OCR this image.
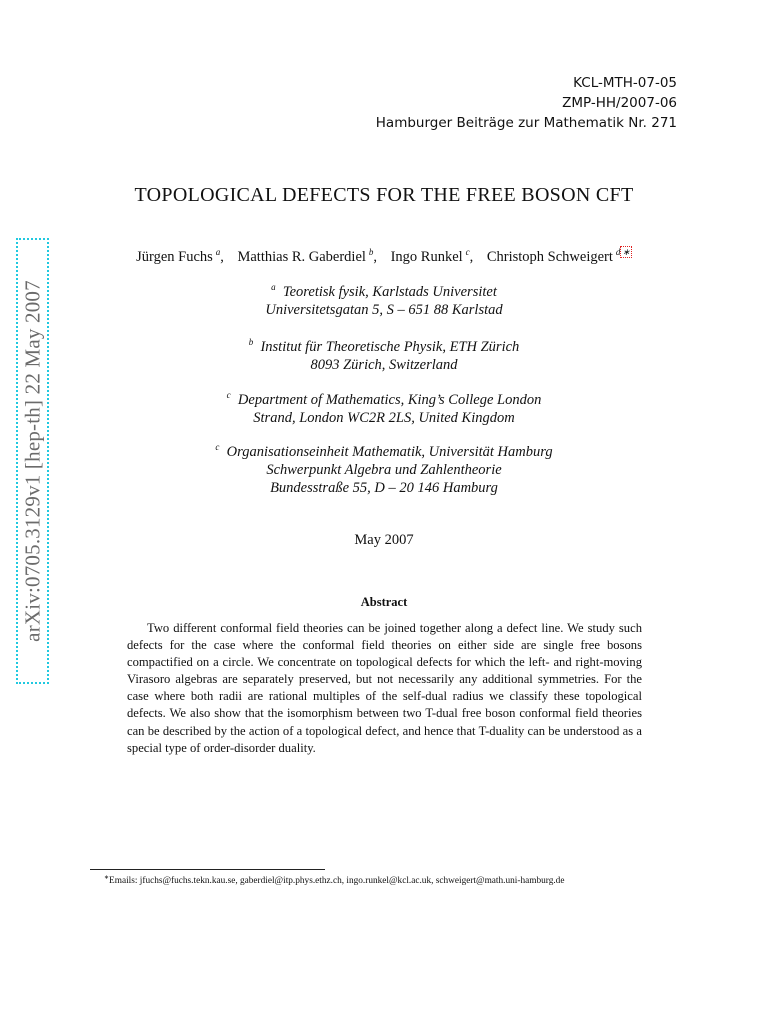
arXiv:0705.3129v1 [hep-th] 22 May 2007
KCL-MTH-07-05
ZMP-HH/2007-06
Hamburger Beiträge zur Mathematik Nr. 271
TOPOLOGICAL DEFECTS FOR THE FREE BOSON CFT
Jürgen Fuchs  $^a$, Matthias R. Gaberdiel  $^b$, Ingo Runkel  $^c$, Christoph Schweigert  $^d$ ∗
$^a$ Teoretisk fysik, Karlstads Universitet
Universitetsgatan 5, S – 651 88 Karlstad
$^b$ Institut für Theoretische Physik, ETH Zürich
8093 Zürich, Switzerland
$^c$ Department of Mathematics, King’s College London
Strand, London WC2R 2LS, United Kingdom
$^c$ Organisationseinheit Mathematik, Universität Hamburg
Schwerpunkt Algebra und Zahlentheorie
Bundesstraße 55, D – 20 146 Hamburg
May 2007
Abstract
Two different conformal field theories can be joined together along a defect line. We study such defects for the case where the conformal field theories on either side are single free bosons compactified on a circle. We concentrate on topological defects for which the left- and right-moving Virasoro algebras are separately preserved, but not necessarily any additional symmetries. For the case where both radii are rational multiples of the self-dual radius we classify these topological defects. We also show that the isomorphism between two T-dual free boson conformal field theories can be described by the action of a topological defect, and hence that T-duality can be understood as a special type of order-disorder duality.
∗Emails: jfuchs@fuchs.tekn.kau.se, gaberdiel@itp.phys.ethz.ch, ingo.runkel@kcl.ac.uk, schweigert@math.uni-hamburg.de
